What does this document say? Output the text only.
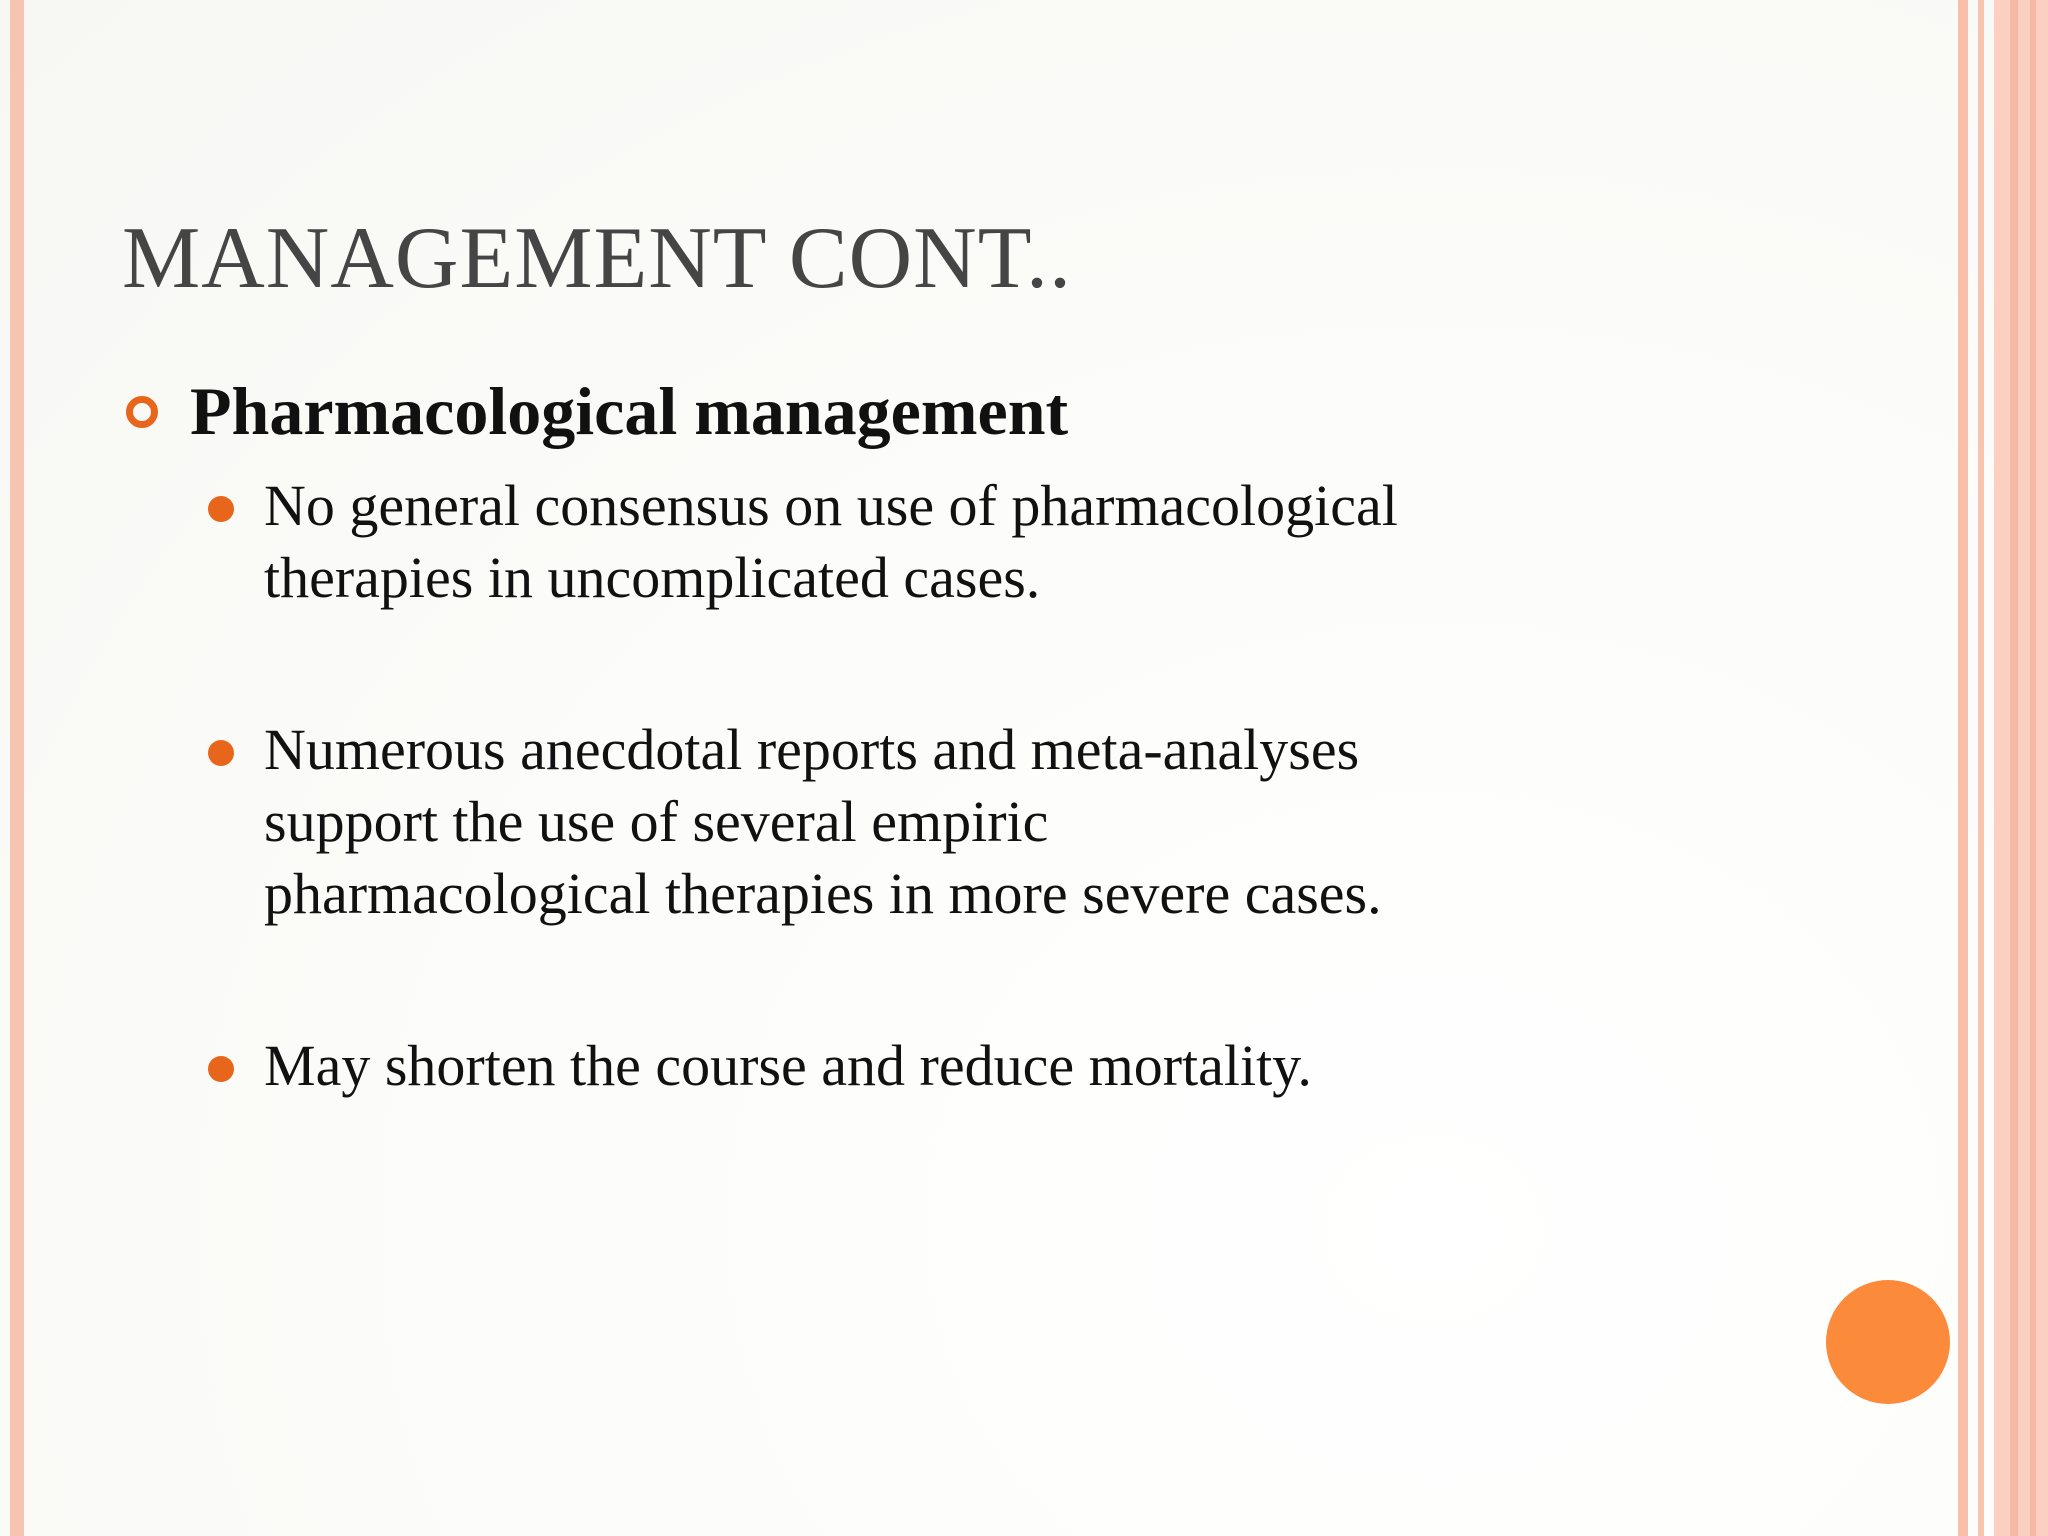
MANAGEMENT CONT..
Pharmacological management
No general consensus on use of pharmacological
therapies in uncomplicated cases.
Numerous anecdotal reports and meta-analyses
support the use of several empiric
pharmacological therapies in more severe cases.
May shorten the course and reduce mortality.
